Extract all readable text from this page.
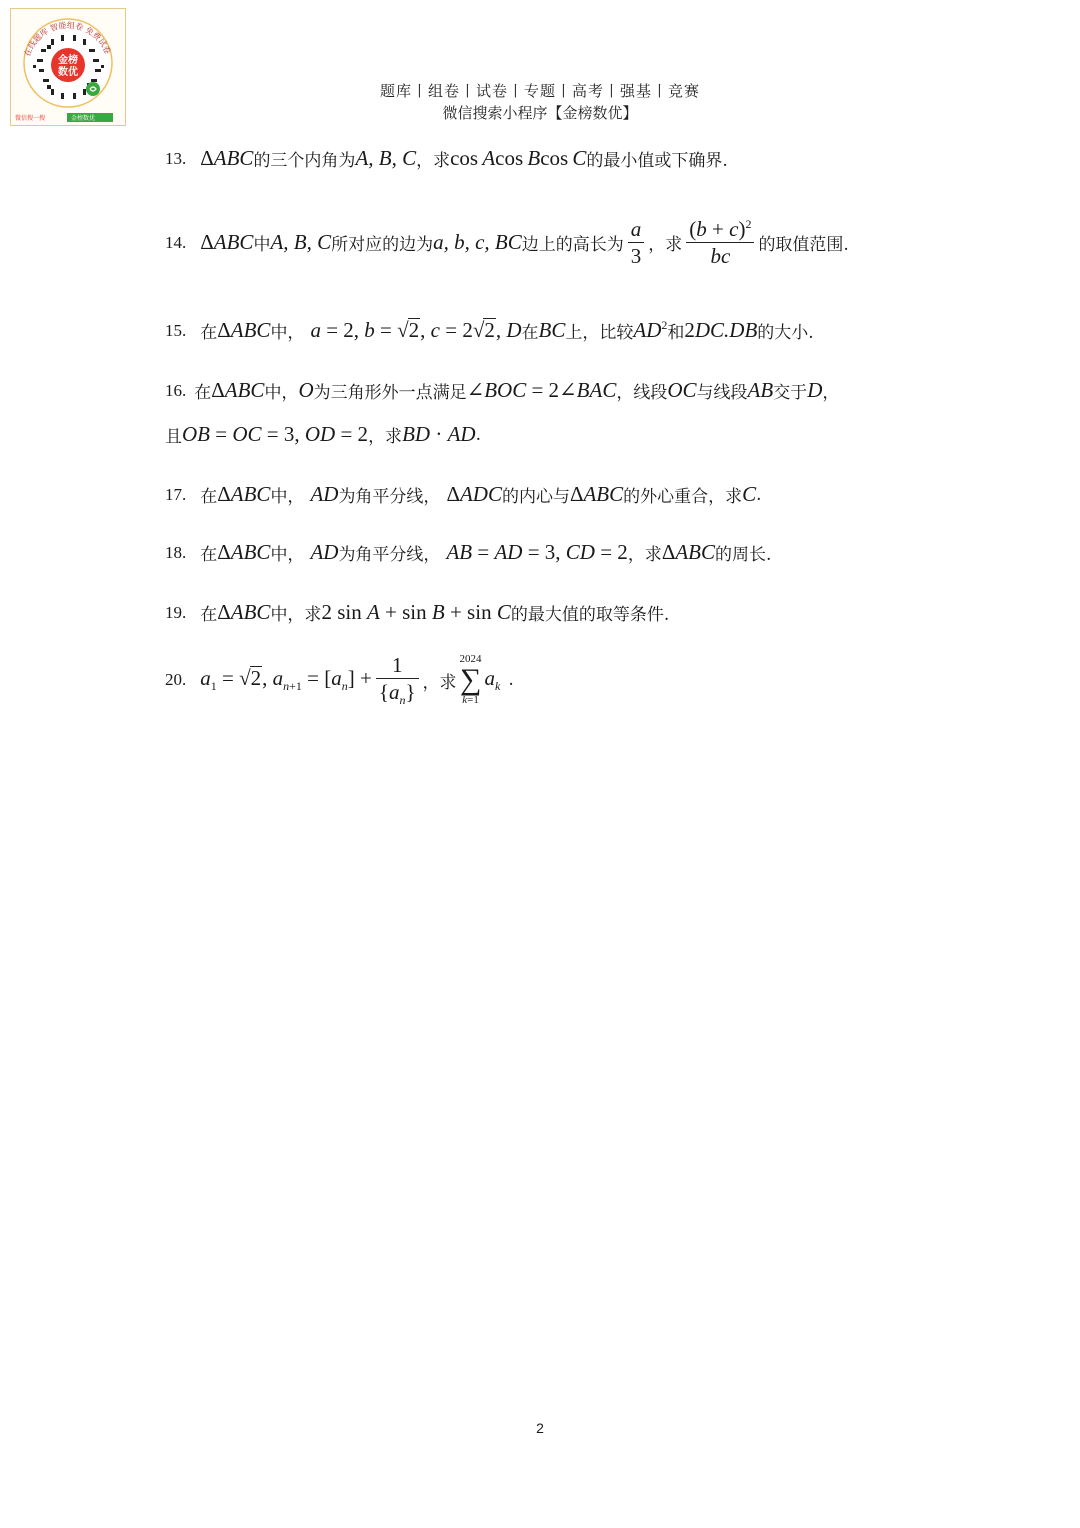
在线题库 智能组卷 免费试卷
金榜
数优
微信搜一搜	金榜数优
题库丨组卷丨试卷丨专题丨高考丨强基丨竞赛
微信搜索小程序【金榜数优】
13. ΔABC 的三个内角为 A, B, C ，求 cos Acos Bcos C 的最小值或下确界.
14. ΔABC 中 A, B, C 所对应的边为 a, b, c, BC 边上的高长为 $\frac{a}{3}$ ，求 $\frac{(b + c)^2}{bc}$ 的取值范围.
15. 在 ΔABC 中， a = 2, b = √2, c = 2√2, D 在 BC 上，比较 $AD^2$ 和 2DC.DB 的大小.
16. 在 ΔABC 中， O 为三角形外一点满足 ∠BOC = 2∠BAC ，线段 OC 与线段 AB 交于 D ，
且 OB = OC = 3, OD = 2 ，求 BD · AD .
17. 在 ΔABC 中， AD 为角平分线， ΔADC 的内心与 ΔABC 的外心重合，求 C .
18. 在 ΔABC 中， AD 为角平分线， AB = AD = 3, CD = 2 ，求 ΔABC 的周长.
19. 在 ΔABC 中，求 2 sin A + sin B + sin C 的最大值的取等条件.
20. $a_1 = √2$, $a_{n+1} = [a_n] + \frac{1}{\{a_n\}}$ ，求
2024
∑
k=1
$a_k$ .
2
